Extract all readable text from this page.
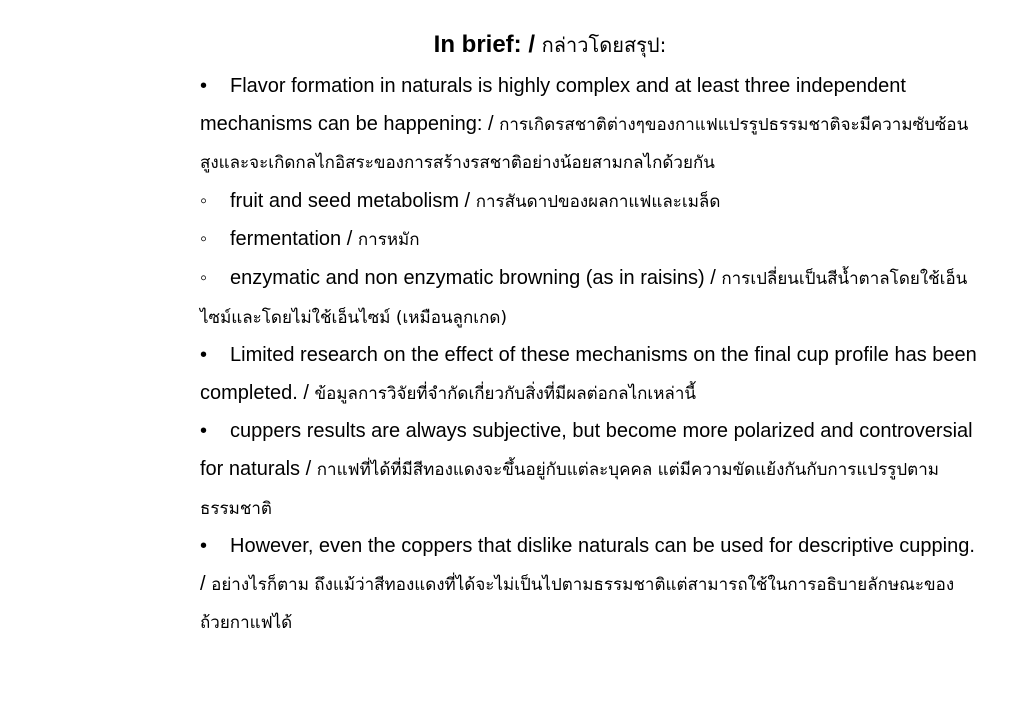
In brief: / กล่าวโดยสรุป:

• Flavor formation in naturals is highly complex and at least three independent mechanisms can be happening: / การเกิดรสชาติต่างๆของกาแฟแปรรูปธรรมชาติจะมีความซับซ้อนสูงและจะเกิดกลไกอิสระของการสร้างรสชาติอย่างน้อยสามกลไกด้วยกัน

◦ fruit and seed metabolism / การสันดาปของผลกาแฟและเมล็ด

◦ fermentation / การหมัก

◦ enzymatic and non enzymatic browning (as in raisins) / การเปลี่ยนเป็นสีน้ำตาลโดยใช้เอ็นไซม์และโดยไม่ใช้เอ็นไซม์ (เหมือนลูกเกด)

• Limited research on the effect of these mechanisms on the final cup profile has been completed. / ข้อมูลการวิจัยที่จำกัดเกี่ยวกับสิ่งที่มีผลต่อกลไกเหล่านี้

• cuppers results are always subjective, but become more polarized and controversial for naturals / กาแฟที่ได้ที่มีสีทองแดงจะขึ้นอยู่กับแต่ละบุคคล แต่มีความขัดแย้งกันกับการแปรรูปตามธรรมชาติ

• However, even the coppers that dislike naturals can be used for descriptive cupping. / อย่างไรก็ตาม ถึงแม้ว่าสีทองแดงที่ได้จะไม่เป็นไปตามธรรมชาติแต่สามารถใช้ในการอธิบายลักษณะของถ้วยกาแฟได้
